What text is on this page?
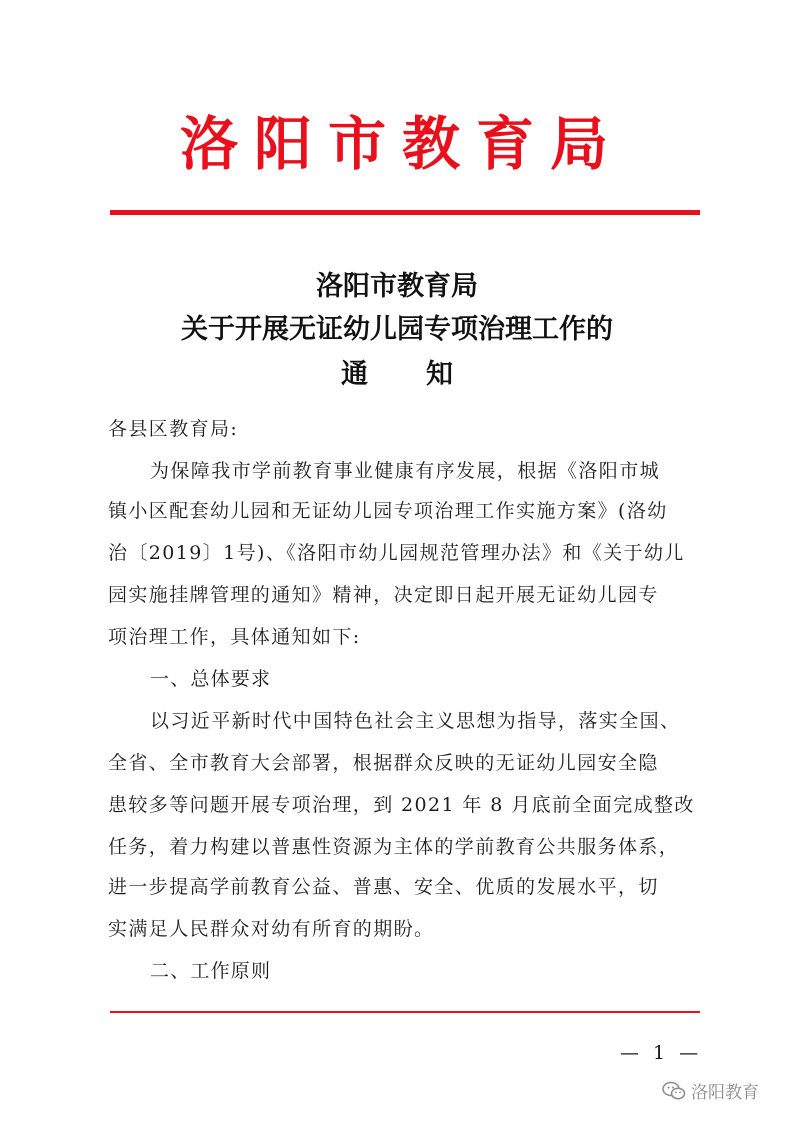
洛 阳 市 教 育 局
洛阳市教育局
关于开展无证幼儿园专项治理工作的
通 知
各县区教育局:
为保障我市学前教育事业健康有序发展，根据《洛阳市城
镇小区配套幼儿园和无证幼儿园专项治理工作实施方案》(洛幼
治〔2019〕1号)、《洛阳市幼儿园规范管理办法》和《关于幼儿
园实施挂牌管理的通知》精神，决定即日起开展无证幼儿园专
项治理工作，具体通知如下:
一、总体要求
以习近平新时代中国特色社会主义思想为指导，落实全国、
全省、全市教育大会部署，根据群众反映的无证幼儿园安全隐
患较多等问题开展专项治理，到 2021 年 8 月底前全面完成整改
任务，着力构建以普惠性资源为主体的学前教育公共服务体系，
进一步提高学前教育公益、普惠、安全、优质的发展水平，切
实满足人民群众对幼有所育的期盼。
二、工作原则
— 1 —
洛阳教育
